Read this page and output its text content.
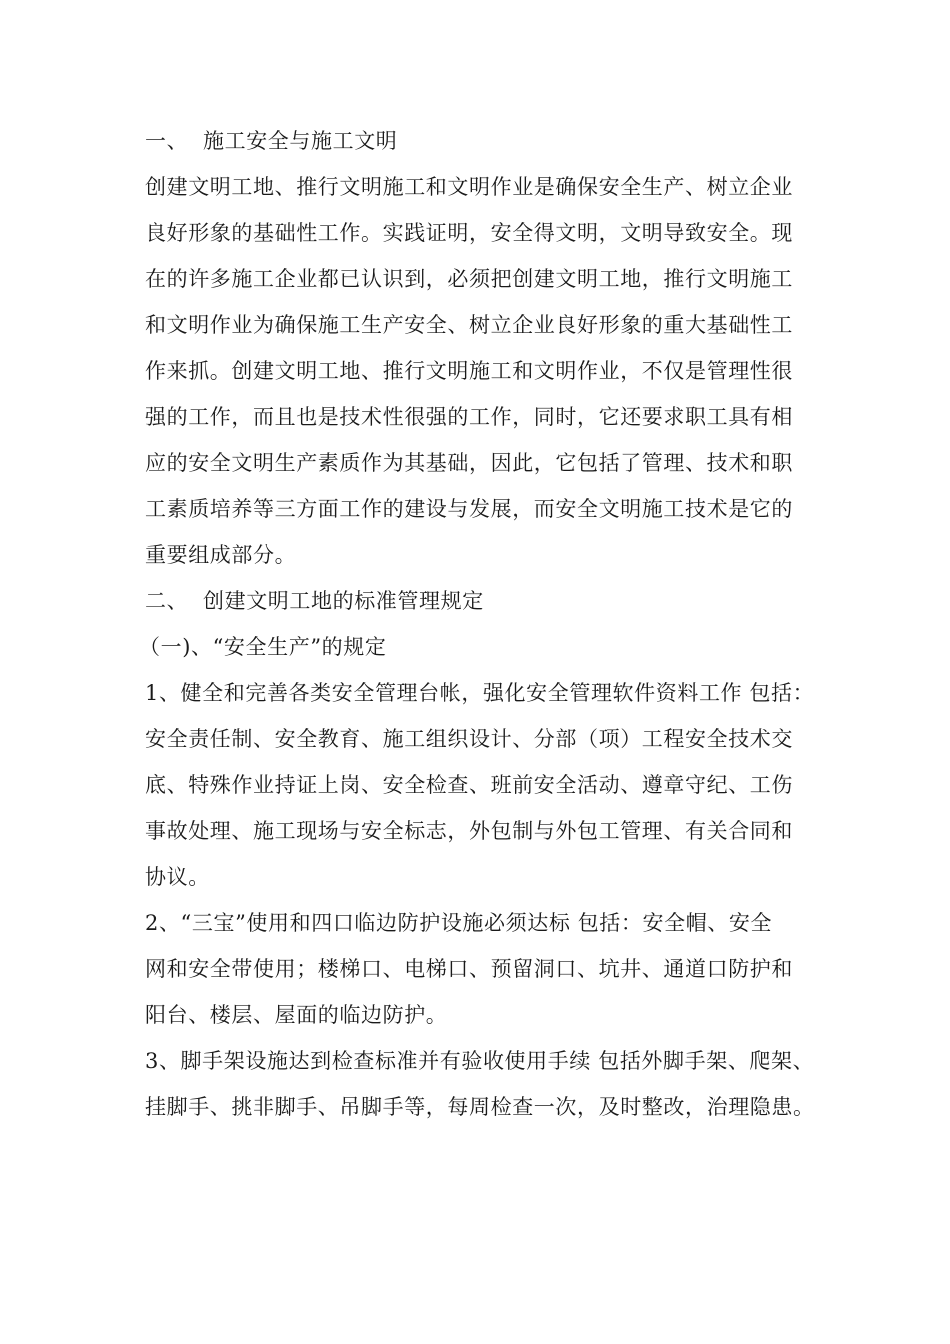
一、 施工安全与施工文明
创建文明工地、推行文明施工和文明作业是确保安全生产、树立企业
良好形象的基础性工作。实践证明，安全得文明，文明导致安全。现
在的许多施工企业都已认识到，必须把创建文明工地，推行文明施工
和文明作业为确保施工生产安全、树立企业良好形象的重大基础性工
作来抓。创建文明工地、推行文明施工和文明作业，不仅是管理性很
强的工作，而且也是技术性很强的工作，同时，它还要求职工具有相
应的安全文明生产素质作为其基础，因此，它包括了管理、技术和职
工素质培养等三方面工作的建设与发展，而安全文明施工技术是它的
重要组成部分。
二、 创建文明工地的标准管理规定
（一)、“安全生产”的规定
1、健全和完善各类安全管理台帐，强化安全管理软件资料工作 包括：
安全责任制、安全教育、施工组织设计、分部（项）工程安全技术交
底、特殊作业持证上岗、安全检查、班前安全活动、遵章守纪、工伤
事故处理、施工现场与安全标志，外包制与外包工管理、有关合同和
协议。
2、“三宝”使用和四口临边防护设施必须达标 包括：安全帽、安全
网和安全带使用；楼梯口、电梯口、预留洞口、坑井、通道口防护和
阳台、楼层、屋面的临边防护。
3、脚手架设施达到检查标准并有验收使用手续 包括外脚手架、爬架、
挂脚手、挑非脚手、吊脚手等，每周检查一次，及时整改，治理隐患。
